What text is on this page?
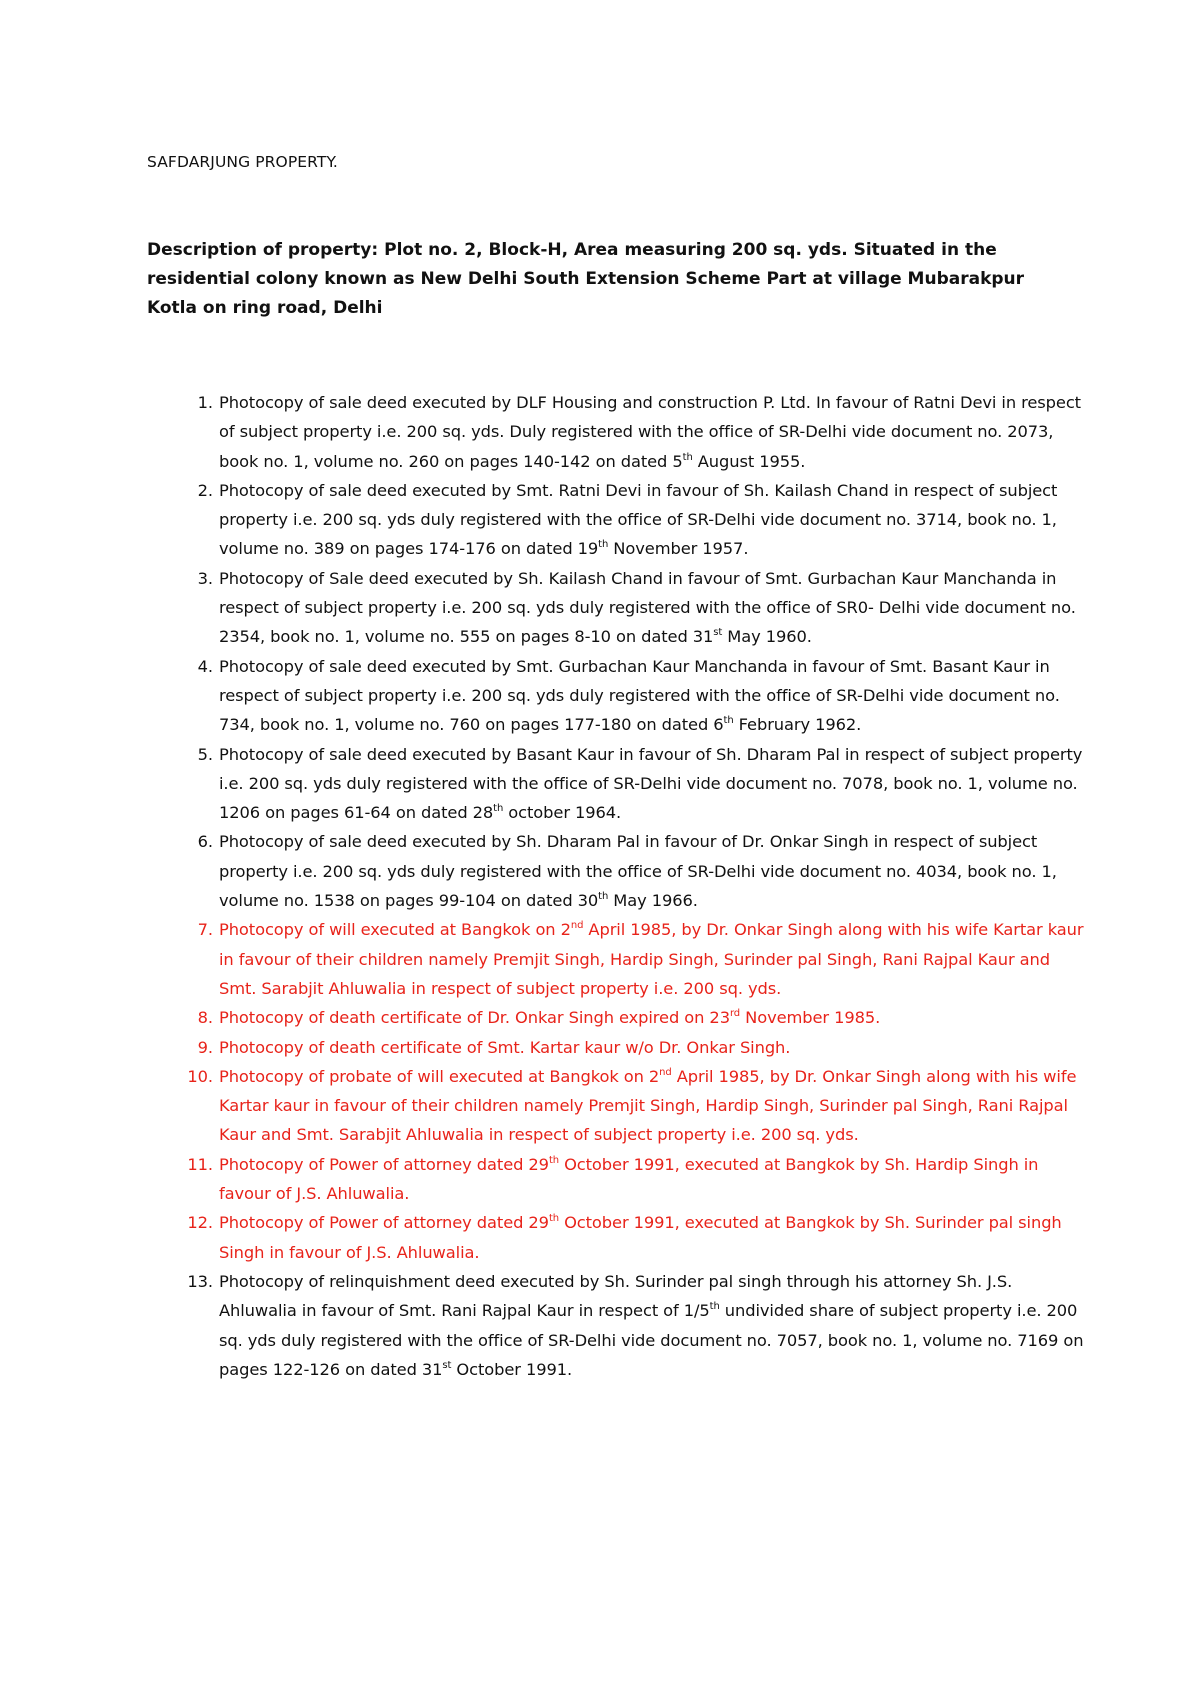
SAFDARJUNG PROPERTY.
Description of property: Plot no. 2, Block-H, Area measuring 200 sq. yds. Situated in the residential colony known as New Delhi South Extension Scheme Part at village Mubarakpur Kotla on ring road, Delhi
1. Photocopy of sale deed executed by DLF Housing and construction P. Ltd. In favour of Ratni Devi in respect of subject property i.e. 200 sq. yds. Duly registered with the office of SR-Delhi vide document no. 2073, book no. 1, volume no. 260 on pages 140-142 on dated 5th August 1955.
2. Photocopy of sale deed executed by Smt. Ratni Devi in favour of Sh. Kailash Chand in respect of subject property i.e. 200 sq. yds duly registered with the office of SR-Delhi vide document no. 3714, book no. 1, volume no. 389 on pages 174-176 on dated 19th November 1957.
3. Photocopy of Sale deed executed by Sh. Kailash Chand in favour of Smt. Gurbachan Kaur Manchanda in respect of subject property i.e. 200 sq. yds duly registered with the office of SR0- Delhi vide document no. 2354, book no. 1, volume no. 555 on pages 8-10 on dated 31st May 1960.
4. Photocopy of sale deed executed by Smt. Gurbachan Kaur Manchanda in favour of Smt. Basant Kaur in respect of subject property i.e. 200 sq. yds duly registered with the office of SR-Delhi vide document no. 734, book no. 1, volume no. 760 on pages 177-180 on dated 6th February 1962.
5. Photocopy of sale deed executed by Basant Kaur in favour of Sh. Dharam Pal in respect of subject property i.e. 200 sq. yds duly registered with the office of SR-Delhi vide document no. 7078, book no. 1, volume no. 1206 on pages 61-64 on dated 28th october 1964.
6. Photocopy of sale deed executed by Sh. Dharam Pal in favour of Dr. Onkar Singh in respect of subject property i.e. 200 sq. yds duly registered with the office of SR-Delhi vide document no. 4034, book no. 1, volume no. 1538 on pages 99-104 on dated 30th May 1966.
7. Photocopy of will executed at Bangkok on 2nd April 1985, by Dr. Onkar Singh along with his wife Kartar kaur in favour of their children namely Premjit Singh, Hardip Singh, Surinder pal Singh, Rani Rajpal Kaur and Smt. Sarabjit Ahluwalia in respect of subject property i.e. 200 sq. yds.
8. Photocopy of death certificate of Dr. Onkar Singh expired on 23rd November 1985.
9. Photocopy of death certificate of Smt. Kartar kaur w/o Dr. Onkar Singh.
10. Photocopy of probate of will executed at Bangkok on 2nd April 1985, by Dr. Onkar Singh along with his wife Kartar kaur in favour of their children namely Premjit Singh, Hardip Singh, Surinder pal Singh, Rani Rajpal Kaur and Smt. Sarabjit Ahluwalia in respect of subject property i.e. 200 sq. yds.
11. Photocopy of Power of attorney dated 29th October 1991, executed at Bangkok by Sh. Hardip Singh in favour of J.S. Ahluwalia.
12. Photocopy of Power of attorney dated 29th October 1991, executed at Bangkok by Sh. Surinder pal singh Singh in favour of J.S. Ahluwalia.
13. Photocopy of relinquishment deed executed by Sh. Surinder pal singh through his attorney Sh. J.S. Ahluwalia in favour of Smt. Rani Rajpal Kaur in respect of 1/5th undivided share of subject property i.e. 200 sq. yds duly registered with the office of SR-Delhi vide document no. 7057, book no. 1, volume no. 7169 on pages 122-126 on dated 31st October 1991.
